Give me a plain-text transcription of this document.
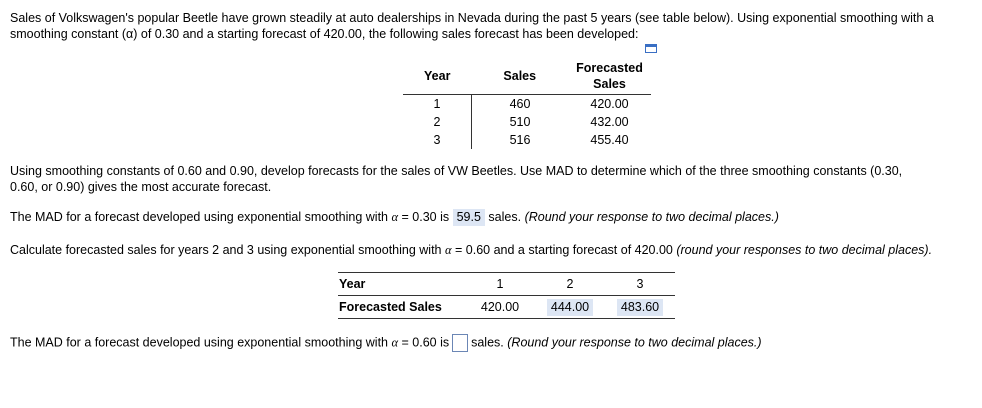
Sales of Volkswagen's popular Beetle have grown steadily at auto dealerships in Nevada during the past 5 years (see table below). Using exponential smoothing with a
smoothing constant (α) of 0.30 and a starting forecast of 420.00, the following sales forecast has been developed:

Year	Sales	Forecasted Sales
1	460	420.00
2	510	432.00
3	516	455.40

Using smoothing constants of 0.60 and 0.90, develop forecasts for the sales of VW Beetles. Use MAD to determine which of the three smoothing constants (0.30,
0.60, or 0.90) gives the most accurate forecast.

The MAD for a forecast developed using exponential smoothing with α = 0.30 is 59.5 sales. (Round your response to two decimal places.)

Calculate forecasted sales for years 2 and 3 using exponential smoothing with α = 0.60 and a starting forecast of 420.00 (round your responses to two decimal places).

Year	1	2	3
Forecasted Sales	420.00	444.00	483.60

The MAD for a forecast developed using exponential smoothing with α = 0.60 is sales. (Round your response to two decimal places.)
